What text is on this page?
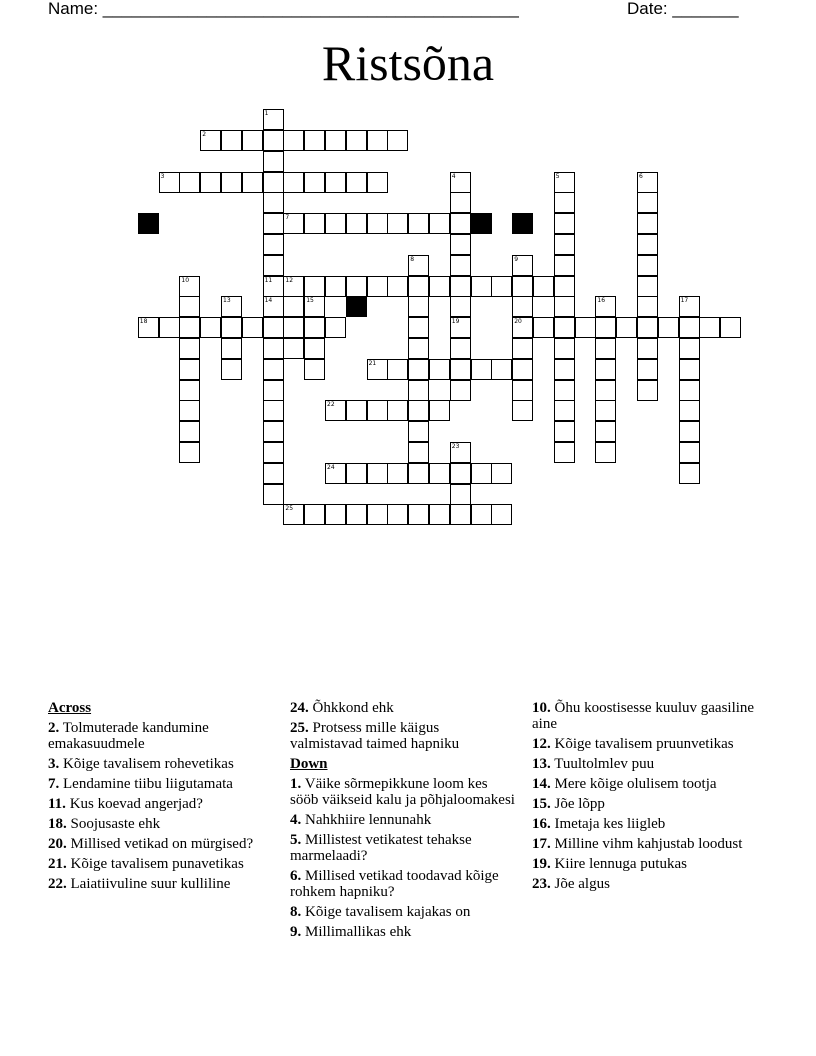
Name: ____________________________________________	Date: _______
Ristsõna
1
11
2
3	4
19
5	6
7
8	9
20
10	12
13	14	15	16	17
18
21
22
23
24
25
Across
2. Tolmuterade kandumine emakasuudmele
3. Kõige tavalisem rohevetikas
7. Lendamine tiibu liigutamata
11. Kus koevad angerjad?
18. Soojusaste ehk
20. Millised vetikad on mürgised?
21. Kõige tavalisem punavetikas
22. Laiatiivuline suur kulliline
24. Õhkkond ehk
25. Protsess mille käigus valmistavad taimed hapniku
Down
1. Väike sõrmepikkune loom kes sööb väikseid kalu ja põhjaloomakesi
4. Nahkhiire lennunahk
5. Millistest vetikatest tehakse marmelaadi?
6. Millised vetikad toodavad kõige rohkem hapniku?
8. Kõige tavalisem kajakas on
9. Millimallikas ehk
10. Õhu koostisesse kuuluv gaasiline aine
12. Kõige tavalisem pruunvetikas
13. Tuultolmlev puu
14. Mere kõige olulisem tootja
15. Jõe lõpp
16. Imetaja kes liigleb
17. Milline vihm kahjustab loodust
19. Kiire lennuga putukas
23. Jõe algus
